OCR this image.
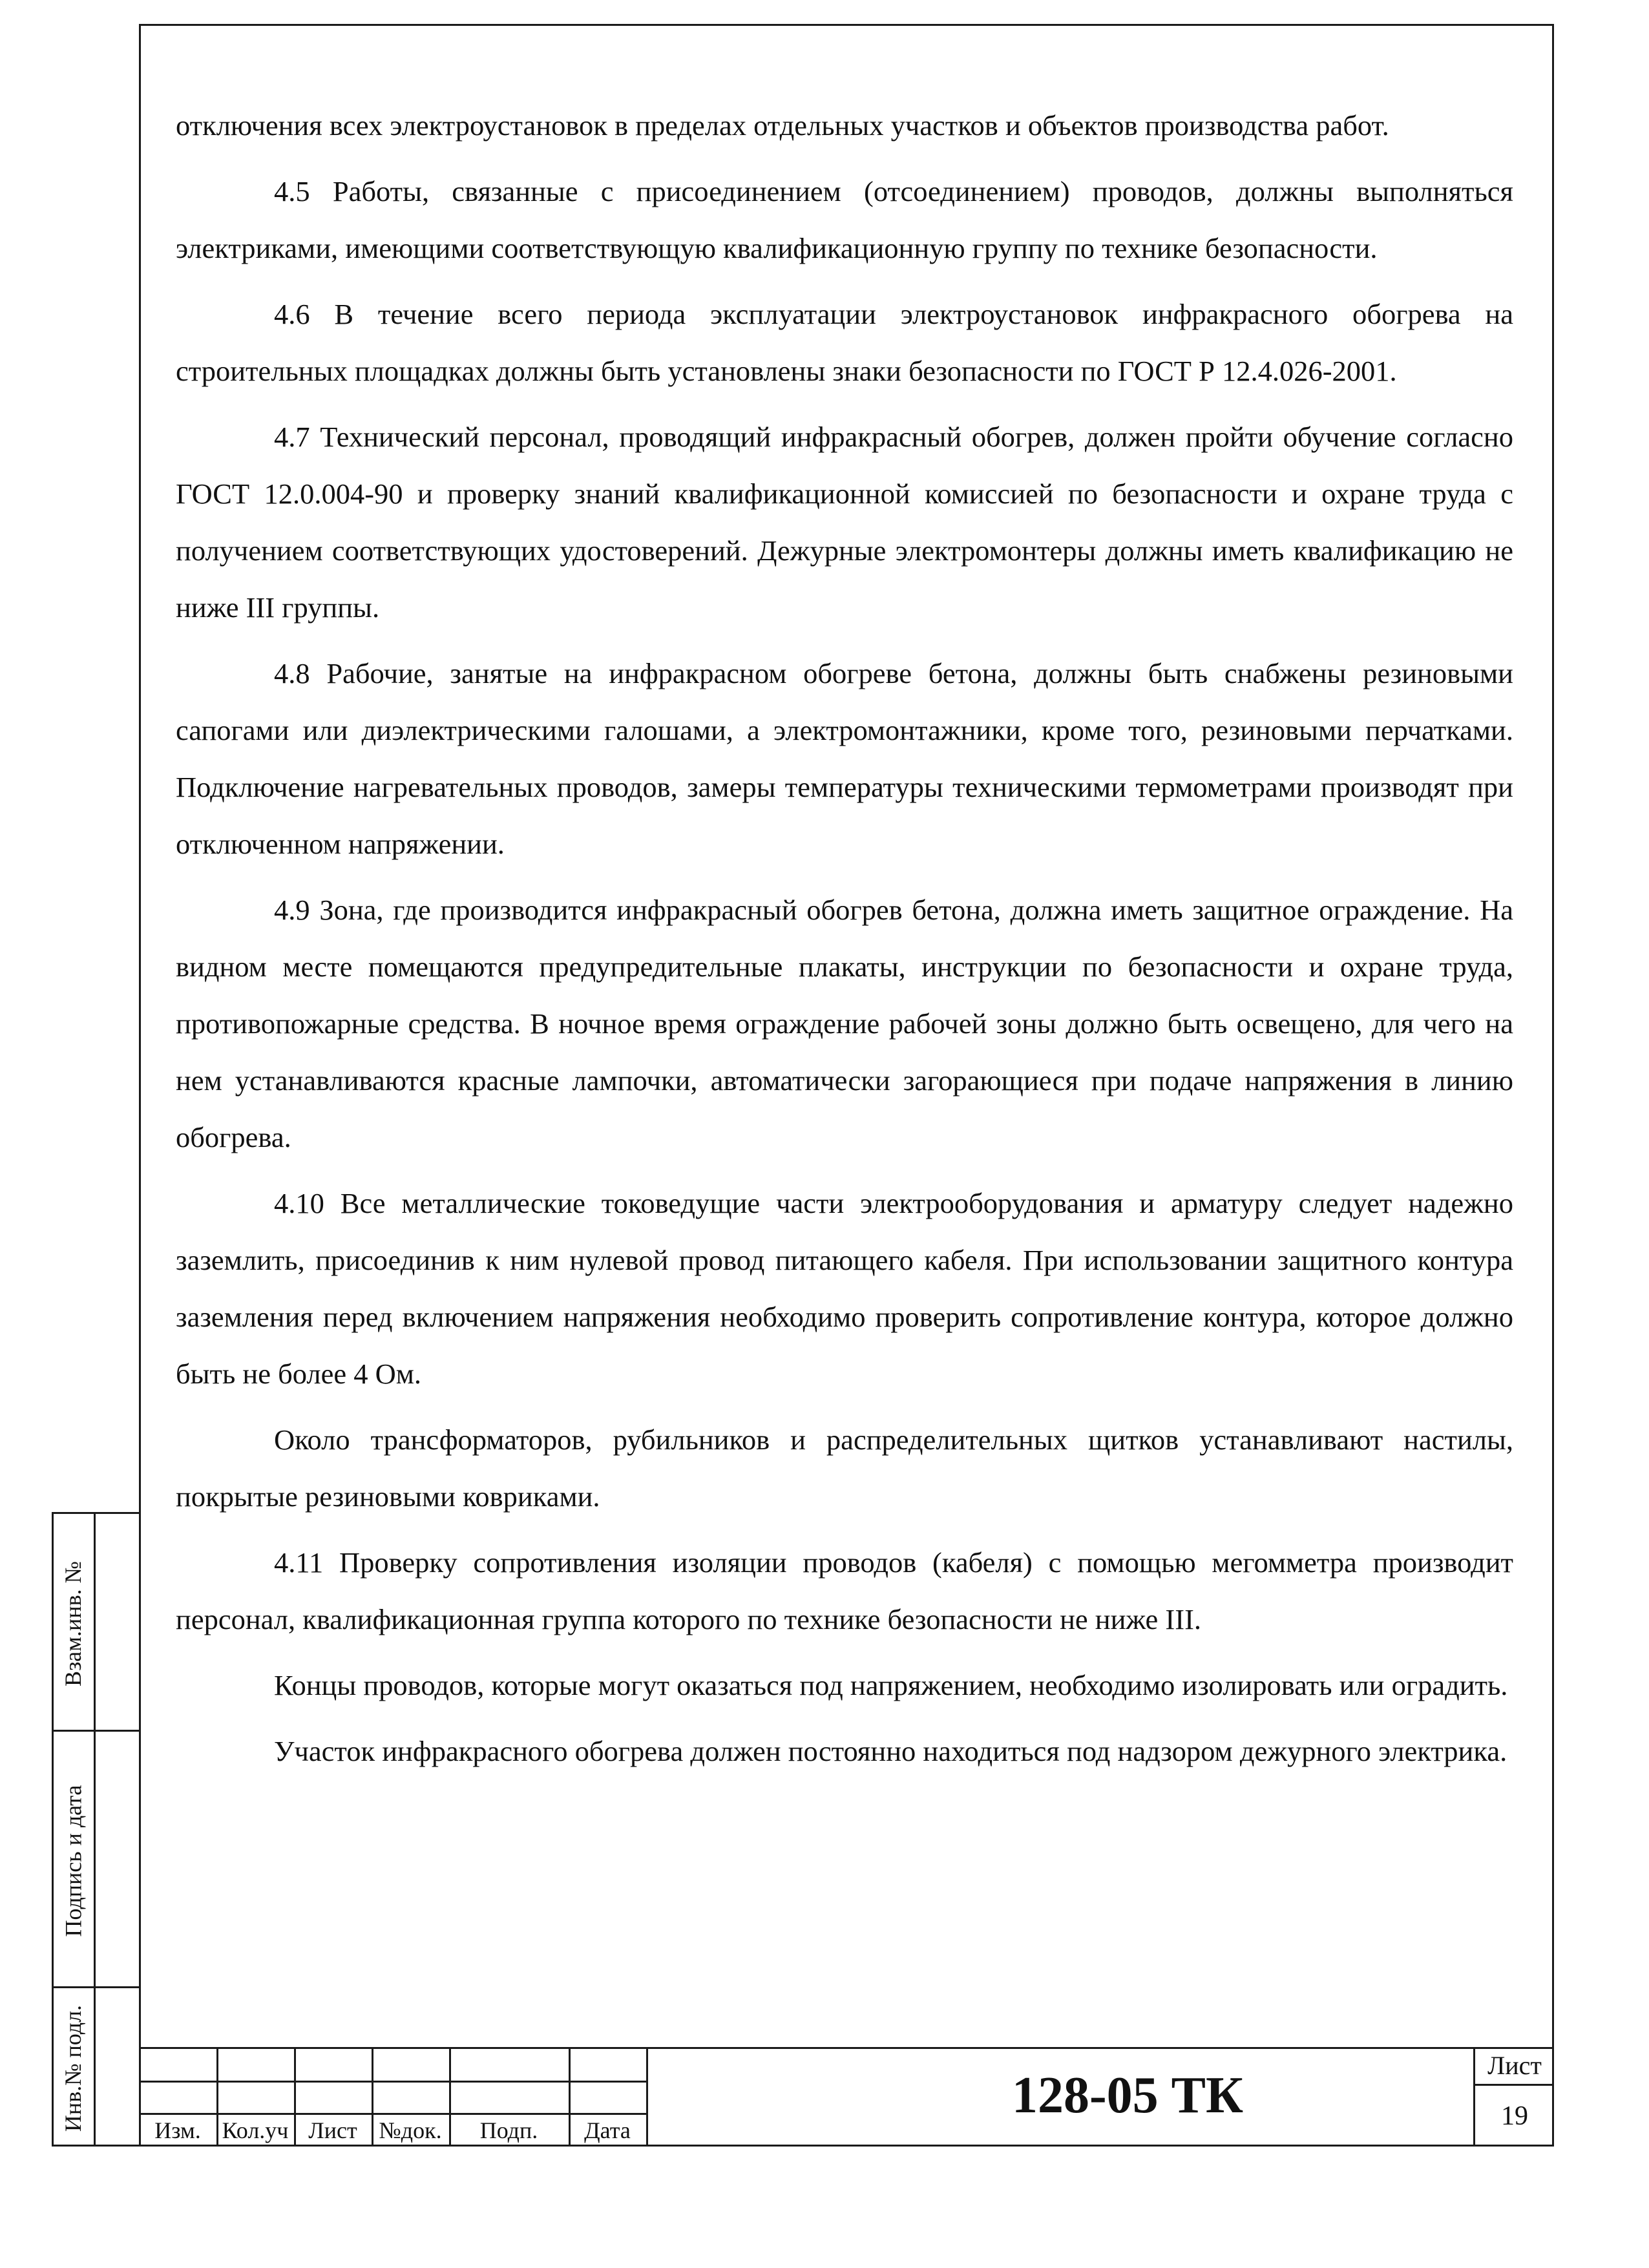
отключения всех электроустановок в пределах отдельных участков и объектов производства работ.

4.5 Работы, связанные с присоединением (отсоединением) проводов, должны выполняться электриками, имеющими соответствующую квалификационную группу по технике безопасности.

4.6 В течение всего периода эксплуатации электроустановок инфракрасного обогрева на строительных площадках должны быть установлены знаки безопасности по ГОСТ Р 12.4.026-2001.

4.7 Технический персонал, проводящий инфракрасный обогрев, должен пройти обучение согласно ГОСТ 12.0.004-90 и проверку знаний квалификационной комиссией по безопасности и охране труда с получением соответствующих удостоверений. Дежурные электромонтеры должны иметь квалификацию не ниже III группы.

4.8 Рабочие, занятые на инфракрасном обогреве бетона, должны быть снабжены резиновыми сапогами или диэлектрическими галошами, а электромонтажники, кроме того, резиновыми перчатками. Подключение нагревательных проводов, замеры температуры техническими термометрами производят при отключенном напряжении.

4.9 Зона, где производится инфракрасный обогрев бетона, должна иметь защитное ограждение. На видном месте помещаются предупредительные плакаты, инструкции по безопасности и охране труда, противопожарные средства. В ночное время ограждение рабочей зоны должно быть освещено, для чего на нем устанавливаются красные лампочки, автоматически загорающиеся при подаче напряжения в линию обогрева.

4.10 Все металлические токоведущие части электрооборудования и арматуру следует надежно заземлить, присоединив к ним нулевой провод питающего кабеля. При использовании защитного контура заземления перед включением напряжения необходимо проверить сопротивление контура, которое должно быть не более 4 Ом.

Около трансформаторов, рубильников и распределительных щитков устанавливают настилы, покрытые резиновыми ковриками.

4.11 Проверку сопротивления изоляции проводов (кабеля) с помощью мегомметра производит персонал, квалификационная группа которого по технике безопасности не ниже III.

Концы проводов, которые могут оказаться под напряжением, необходимо изолировать или оградить.

Участок инфракрасного обогрева должен постоянно находиться под надзором дежурного электрика.

Взам.инв. №
Подпись и дата
Инв.№ подл.	Изм. Кол.уч Лист №док.	Подп.	Дата
128-05 ТК
Лист
19
